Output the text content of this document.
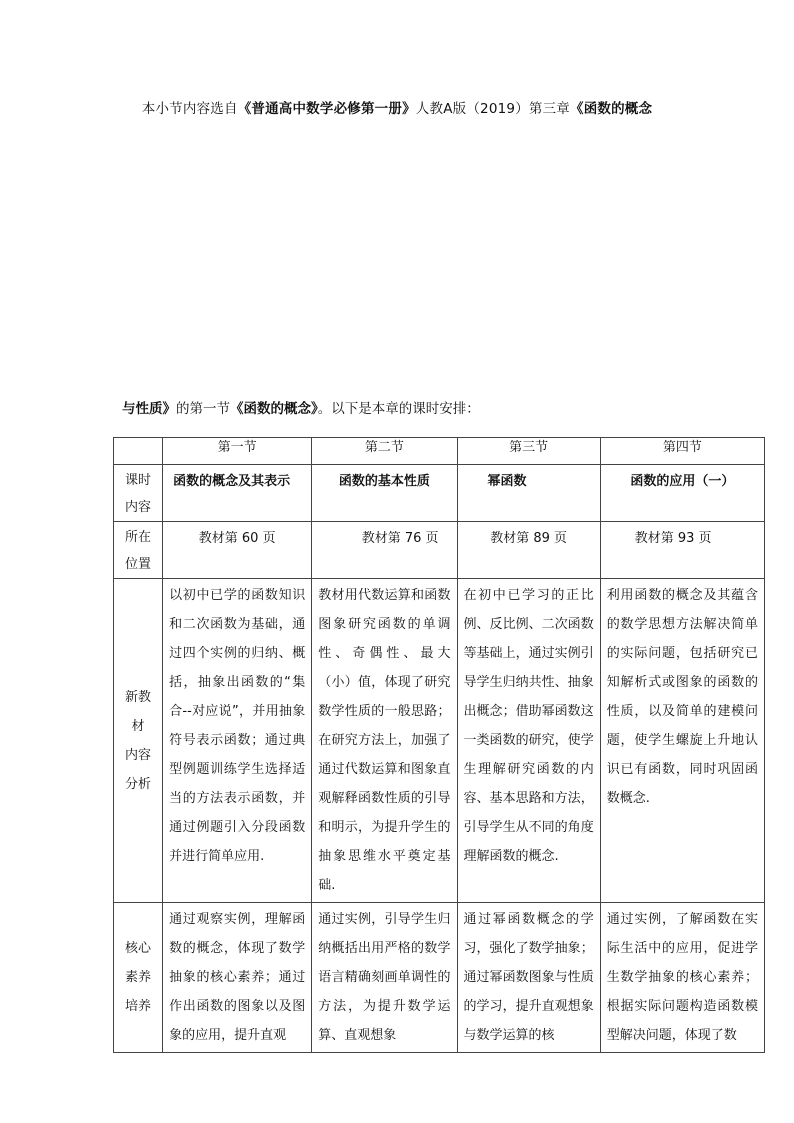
本小节内容选自《普通高中数学必修第一册》人教A版（2019）第三章《函数的概念
与性质》的第一节《函数的概念》。以下是本章的课时安排：
	第一节	第二节	第三节	第四节

课时
内容	函数的概念及其表示	函数的基本性质	幂函数	函数的应用（一）

所在
位置	教材第 60 页	教材第 76 页	教材第 89 页	教材第 93 页

新教
材
内容
分析	以初中已学的函数知识和二次函数为基础，通过四个实例的归纳、概括，抽象出函数的“集合--对应说”，并用抽象符号表示函数；通过典型例题训练学生选择适当的方法表示函数，并通过例题引入分段函数并进行简单应用.	教材用代数运算和函数图象研究函数的单调性、奇偶性、最大（小）值，体现了研究数学性质的一般思路；在研究方法上，加强了通过代数运算和图象直观解释函数性质的引导和明示，为提升学生的抽象思维水平奠定基础.	在初中已学习的正比例、反比例、二次函数等基础上，通过实例引导学生归纳共性、抽象出概念；借助幂函数这一类函数的研究，使学生理解研究函数的内容、基本思路和方法，引导学生从不同的角度理解函数的概念.	利用函数的概念及其蕴含的数学思想方法解决简单的实际问题，包括研究已知解析式或图象的函数的性质，以及简单的建模问题，使学生螺旋上升地认识已有函数，同时巩固函数概念.

核心
素养
培养	通过观察实例，理解函数的概念，体现了数学抽象的核心素养；通过作出函数的图象以及图象的应用，提升直观	通过实例，引导学生归纳概括出用严格的数学语言精确刻画单调性的方法，为提升数学运算、直观想象	通过幂函数概念的学习，强化了数学抽象；通过幂函数图象与性质的学习，提升直观想象与数学运算的核	通过实例，了解函数在实际生活中的应用，促进学生数学抽象的核心素养；根据实际问题构造函数模型解决问题，体现了数
